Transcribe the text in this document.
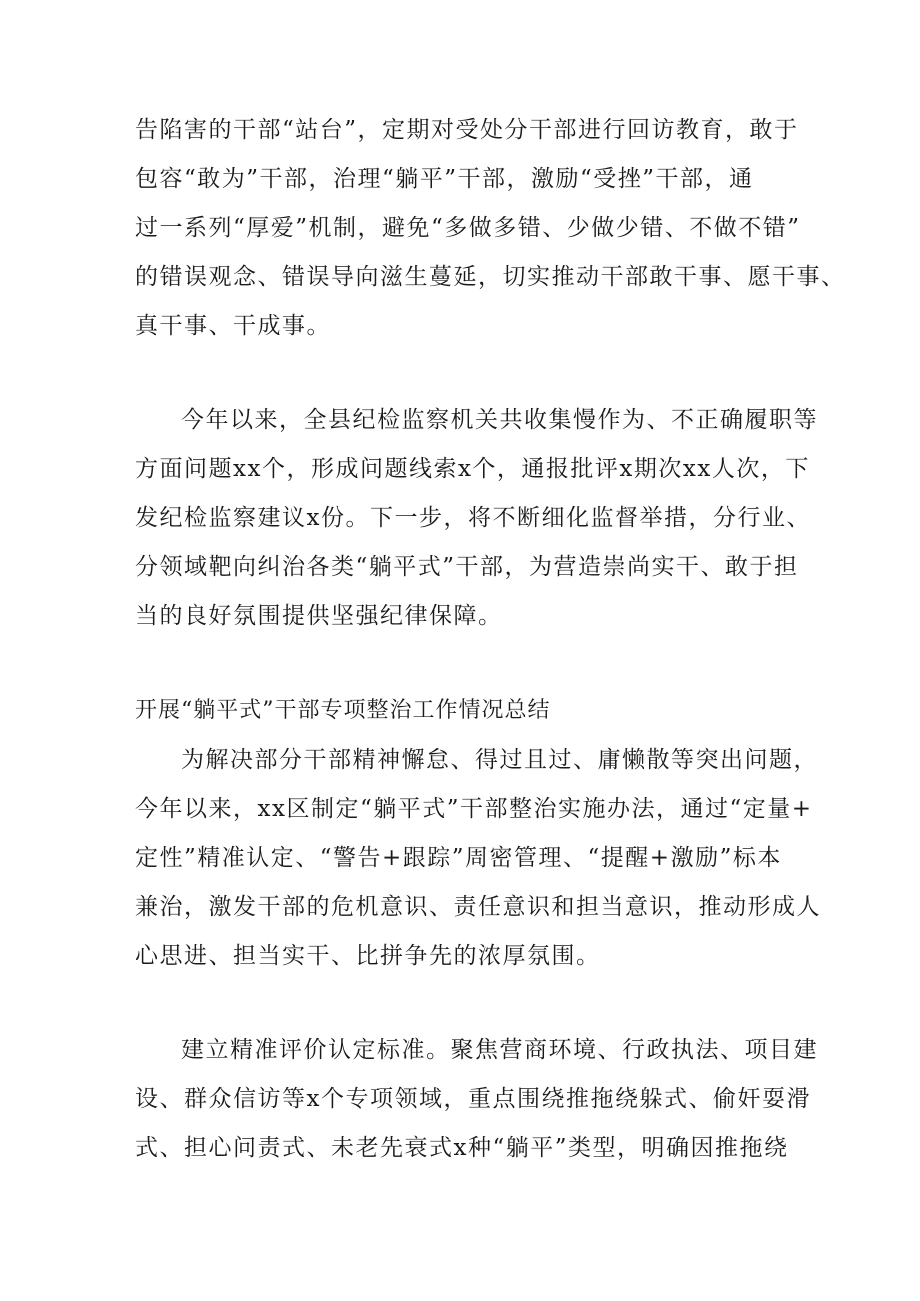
告陷害的干部“站台”，定期对受处分干部进行回访教育，敢于
包容“敢为”干部，治理“躺平”干部，激励“受挫”干部，通
过一系列“厚爱”机制，避免“多做多错、少做少错、不做不错”
的错误观念、错误导向滋生蔓延，切实推动干部敢干事、愿干事、
真干事、干成事。
今年以来，全县纪检监察机关共收集慢作为、不正确履职等
方面问题xx个，形成问题线索x个，通报批评x期次xx人次，下
发纪检监察建议x份。下一步，将不断细化监督举措，分行业、
分领域靶向纠治各类“躺平式”干部，为营造崇尚实干、敢于担
当的良好氛围提供坚强纪律保障。
开展“躺平式”干部专项整治工作情况总结
为解决部分干部精神懈怠、得过且过、庸懒散等突出问题，
今年以来，xx区制定“躺平式”干部整治实施办法，通过“定量+
定性”精准认定、“警告+跟踪”周密管理、“提醒+激励”标本
兼治，激发干部的危机意识、责任意识和担当意识，推动形成人
心思进、担当实干、比拼争先的浓厚氛围。
建立精准评价认定标准。聚焦营商环境、行政执法、项目建
设、群众信访等x个专项领域，重点围绕推拖绕躲式、偷奸耍滑
式、担心问责式、未老先衰式x种“躺平”类型，明确因推拖绕
